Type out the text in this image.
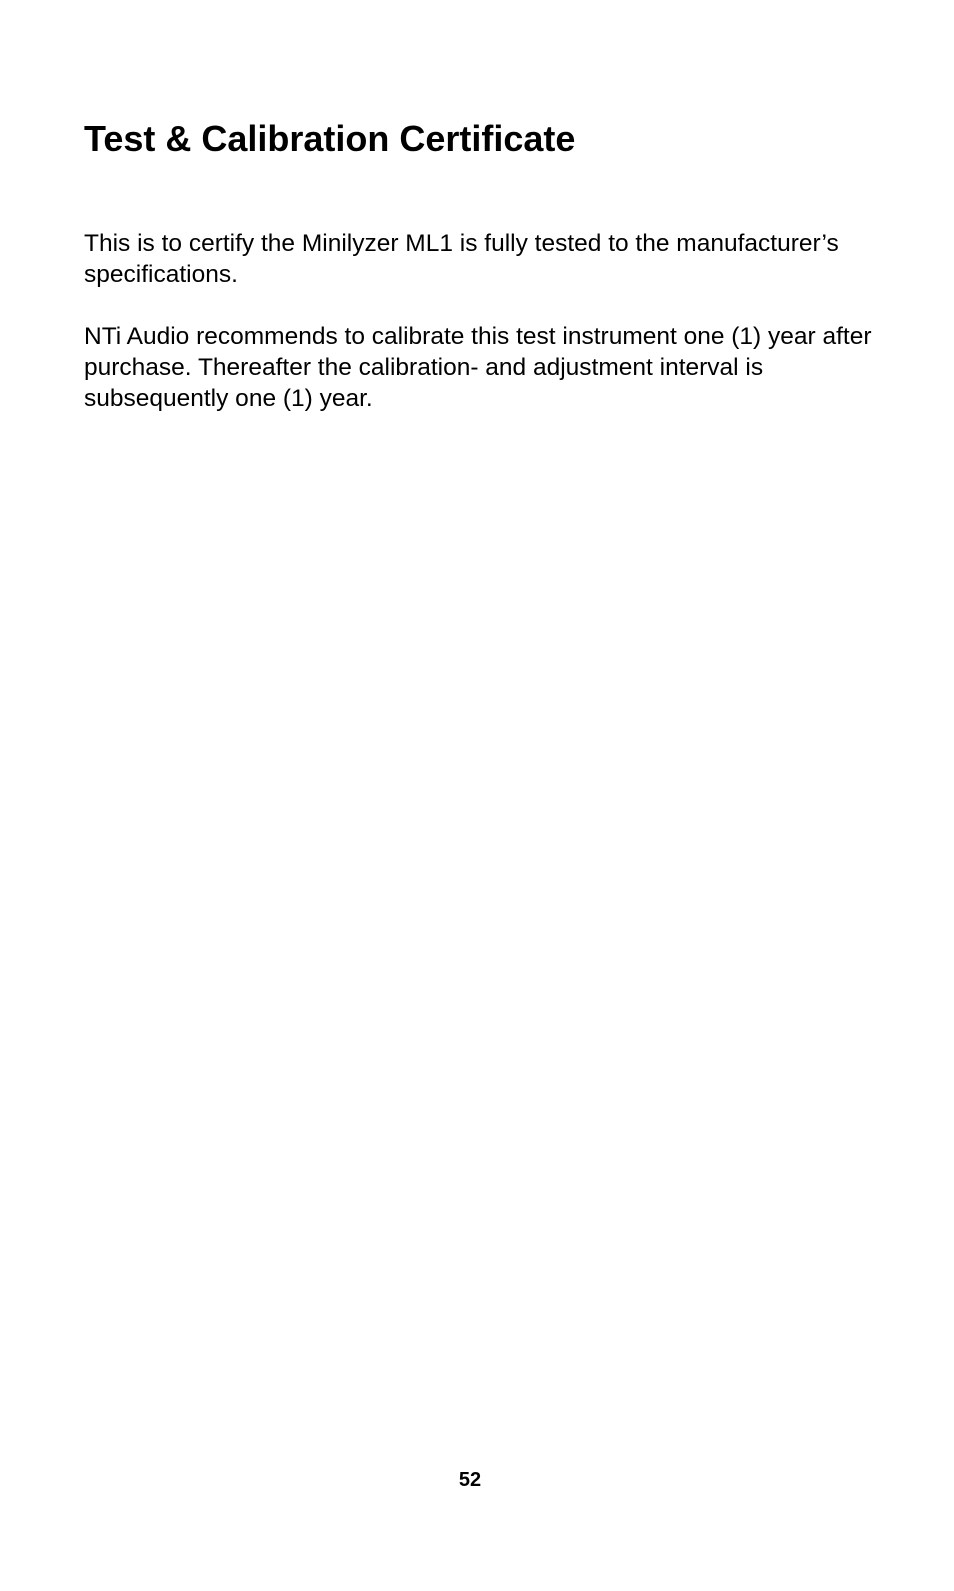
Test & Calibration Certificate

This is to certify the Minilyzer ML1 is fully tested to the manufacturer’s specifications.

NTi Audio recommends to calibrate this test instrument one (1) year after purchase. Thereafter the calibration- and adjustment interval is subsequently one (1) year.

52
